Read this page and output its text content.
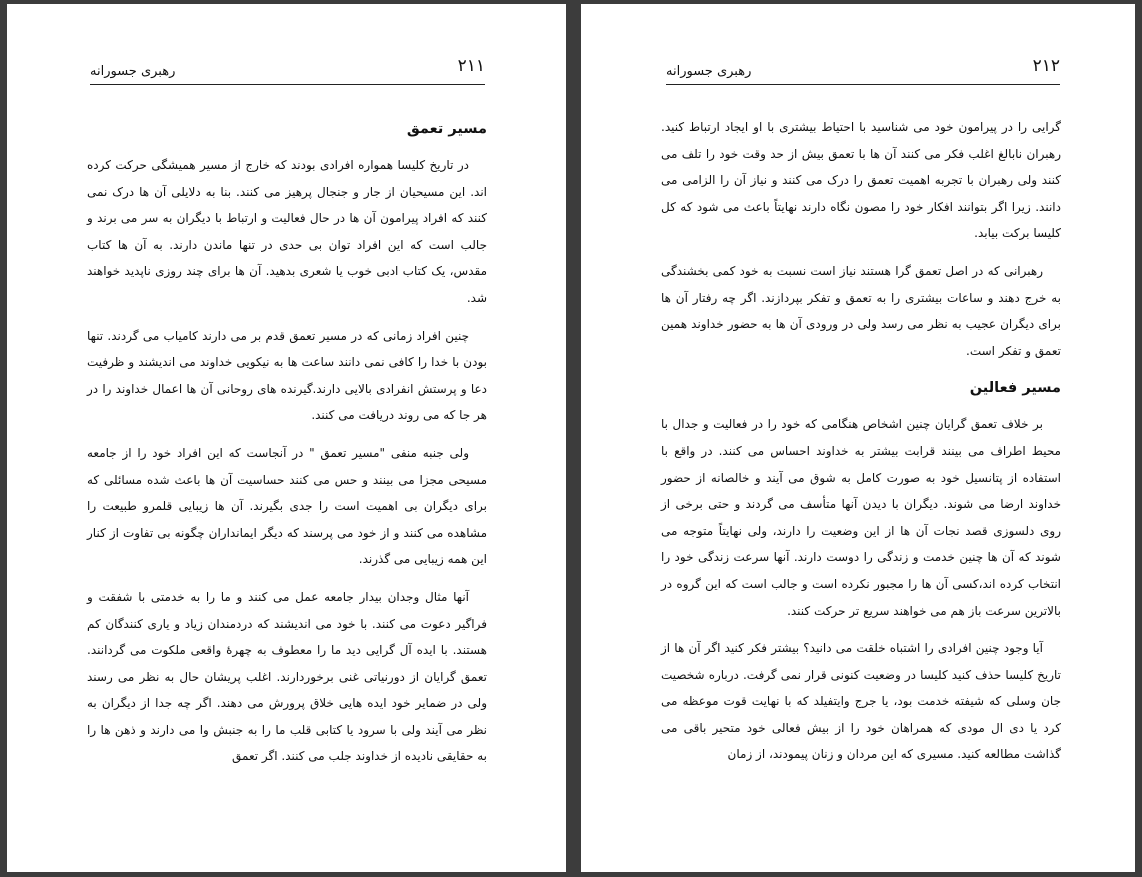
رهبری جسورانه	۲۱۱
مسیر تعمق

در تاریخ کلیسا همواره افرادی بودند که خارج از مسیر همیشگی حرکت کرده اند. این مسیحیان از جار و جنجال پرهیز می کنند. بنا به دلایلی آن ها درک نمی کنند که افراد پیرامون آن ها در حال فعالیت و ارتباط با دیگران به سر می برند و جالب است که این افراد توان بی حدی در تنها ماندن دارند. به آن ها کتاب مقدس، یک کتاب ادبی خوب یا شعری بدهید. آن ها برای چند روزی ناپدید خواهند شد.

چنین افراد زمانی که در مسیر تعمق قدم بر می دارند کامیاب می گردند. تنها بودن با خدا را کافی نمی دانند ساعت ها به نیکویی خداوند می اندیشند و ظرفیت دعا و پرستش انفرادی بالایی دارند.گیرنده های روحانی آن ها اعمال خداوند را در هر جا که می روند دریافت می کنند.

ولی جنبه منفی "مسیر تعمق " در آنجاست که این افراد خود را از جامعه مسیحی مجزا می بینند و حس می کنند حساسیت آن ها باعث شده مسائلی که برای دیگران بی اهمیت است را جدی بگیرند. آن ها زیبایی قلمرو طبیعت را مشاهده می کنند و از خود می پرسند که دیگر ایمانداران چگونه بی تفاوت از کنار این همه زیبایی می گذرند.

آنها مثال وجدان بیدار جامعه عمل می کنند و ما را به خدمتی با شفقت و فراگیر دعوت می کنند. با خود می اندیشند که دردمندان زیاد و یاری کنندگان کم هستند. با ایده آل گرایی دید ما را معطوف به چهرهٔ واقعی ملکوت می گردانند. تعمق گرایان از دورنیاتی غنی برخوردارند. اغلب پریشان حال به نظر می رسند ولی در ضمایر خود ایده هایی خلاق پرورش می دهند. اگر چه جدا از دیگران به نظر می آیند ولی با سرود یا کتابی قلب ما را به جنبش وا می دارند و ذهن ها را به حقایقی نادیده از خداوند جلب می کنند. اگر تعمق

رهبری جسورانه	۲۱۲

گرایی را در پیرامون خود می شناسید با احتیاط بیشتری با او ایجاد ارتباط کنید. رهبران نابالغ اغلب فکر می کنند آن ها با تعمق بیش از حد وقت خود را تلف می کنند ولی رهبران با تجربه اهمیت تعمق را درک می کنند و نیاز آن را الزامی می دانند. زیرا اگر بتوانند افکار خود را مصون نگاه دارند نهایتاً باعث می شود که کل کلیسا برکت بیابد.

رهبرانی که در اصل تعمق گرا هستند نیاز است نسبت به خود کمی بخشندگی به خرج دهند و ساعات بیشتری را به تعمق و تفکر بپردازند. اگر چه رفتار آن ها برای دیگران عجیب به نظر می رسد ولی در ورودی آن ها به حضور خداوند همین تعمق و تفکر است.

مسیر فعالین

بر خلاف تعمق گرایان چنین اشخاص هنگامی که خود را در فعالیت و جدال با محیط اطراف می بینند قرابت بیشتر به خداوند احساس می کنند. در واقع با استفاده از پتانسیل خود به صورت کامل به شوق می آیند و خالصانه از حضور خداوند ارضا می شوند. دیگران با دیدن آنها متأسف می گردند و حتی برخی از روی دلسوزی قصد نجات آن ها از این وضعیت را دارند، ولی نهایتاً متوجه می شوند که آن ها چنین خدمت و زندگی را دوست دارند. آنها سرعت زندگی خود را انتخاب کرده اند،کسی آن ها را مجبور نکرده است و جالب است که این گروه در بالاترین سرعت باز هم می خواهند سریع تر حرکت کنند.

آیا وجود چنین افرادی را اشتباه خلقت می دانید؟ بیشتر فکر کنید اگر آن ها از تاریخ کلیسا حذف کنید کلیسا در وضعیت کنونی قرار نمی گرفت. درباره شخصیت جان وسلی که شیفته خدمت بود، یا جرج وایتفیلد که با نهایت قوت موعظه می کرد یا دی ال مودی که همراهان خود را از بیش فعالی خود متحیر باقی می گذاشت مطالعه کنید. مسیری که این مردان و زنان پیمودند، از زمان
